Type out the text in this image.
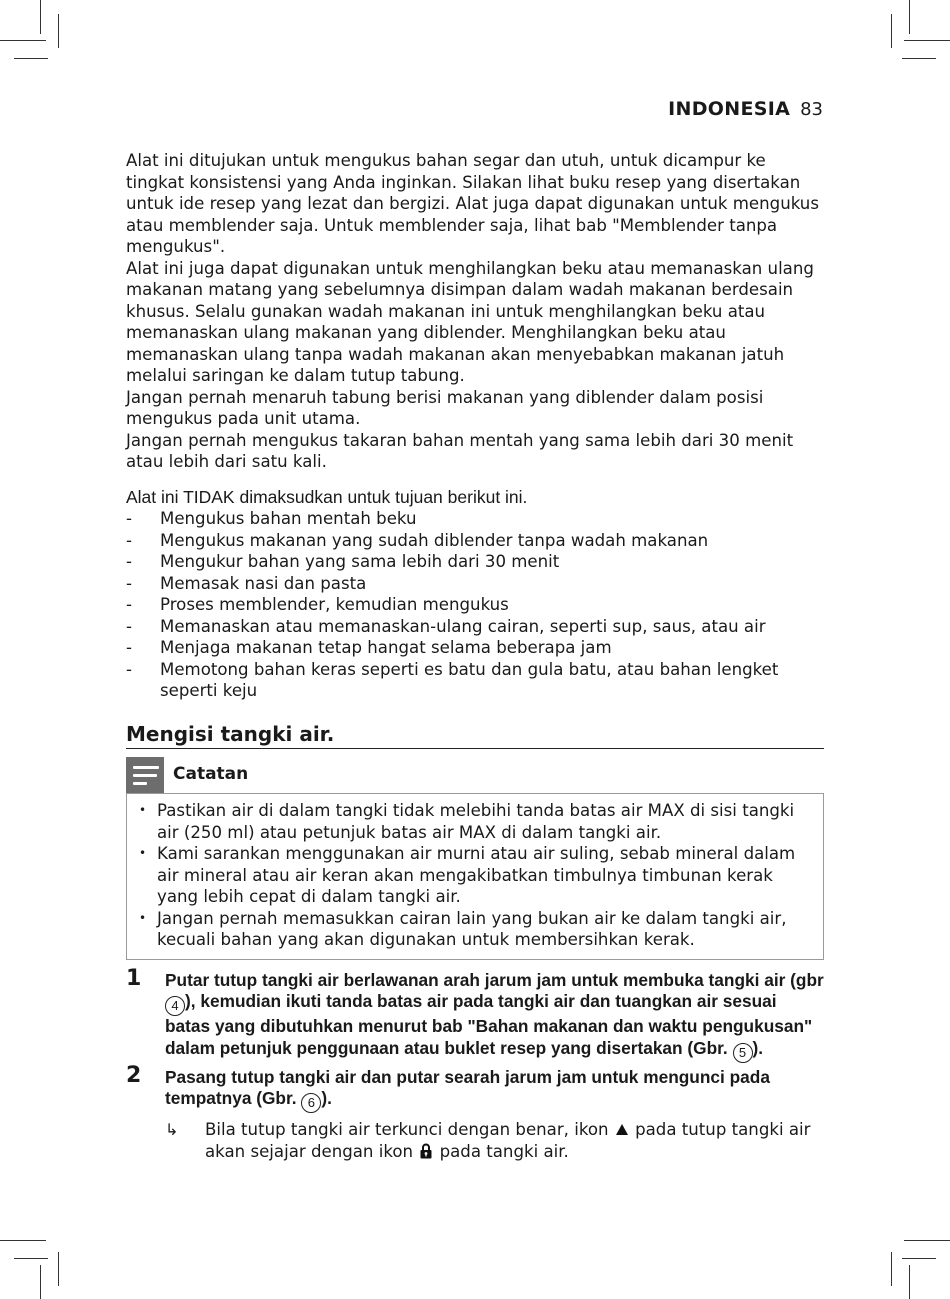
INDONESIA 83

Alat ini ditujukan untuk mengukus bahan segar dan utuh, untuk dicampur ke tingkat konsistensi yang Anda inginkan. Silakan lihat buku resep yang disertakan untuk ide resep yang lezat dan bergizi. Alat juga dapat digunakan untuk mengukus atau memblender saja. Untuk memblender saja, lihat bab "Memblender tanpa mengukus".

Alat ini juga dapat digunakan untuk menghilangkan beku atau memanaskan ulang makanan matang yang sebelumnya disimpan dalam wadah makanan berdesain khusus. Selalu gunakan wadah makanan ini untuk menghilangkan beku atau memanaskan ulang makanan yang diblender. Menghilangkan beku atau memanaskan ulang tanpa wadah makanan akan menyebabkan makanan jatuh melalui saringan ke dalam tutup tabung.

Jangan pernah menaruh tabung berisi makanan yang diblender dalam posisi mengukus pada unit utama.

Jangan pernah mengukus takaran bahan mentah yang sama lebih dari 30 menit atau lebih dari satu kali.

Alat ini TIDAK dimaksudkan untuk tujuan berikut ini.

- Mengukus bahan mentah beku
- Mengukus makanan yang sudah diblender tanpa wadah makanan
- Mengukur bahan yang sama lebih dari 30 menit
- Memasak nasi dan pasta
- Proses memblender, kemudian mengukus
- Memanaskan atau memanaskan-ulang cairan, seperti sup, saus, atau air
- Menjaga makanan tetap hangat selama beberapa jam
- Memotong bahan keras seperti es batu dan gula batu, atau bahan lengket seperti keju
Mengisi tangki air.
Catatan
• Pastikan air di dalam tangki tidak melebihi tanda batas air MAX di sisi tangki air (250 ml) atau petunjuk batas air MAX di dalam tangki air.
• Kami sarankan menggunakan air murni atau air suling, sebab mineral dalam air mineral atau air keran akan mengakibatkan timbulnya timbunan kerak yang lebih cepat di dalam tangki air.
• Jangan pernah memasukkan cairan lain yang bukan air ke dalam tangki air, kecuali bahan yang akan digunakan untuk membersihkan kerak.
1 Putar tutup tangki air berlawanan arah jarum jam untuk membuka tangki air (gbr 4 ), kemudian ikuti tanda batas air pada tangki air dan tuangkan air sesuai batas yang dibutuhkan menurut bab "Bahan makanan dan waktu pengukusan" dalam petunjuk penggunaan atau buklet resep yang disertakan (Gbr. 5 ).
2 Pasang tutup tangki air dan putar searah jarum jam untuk mengunci pada tempatnya (Gbr. 6 ).
↳ Bila tutup tangki air terkunci dengan benar, ikon pada tutup tangki air akan sejajar dengan ikon pada tangki air.
